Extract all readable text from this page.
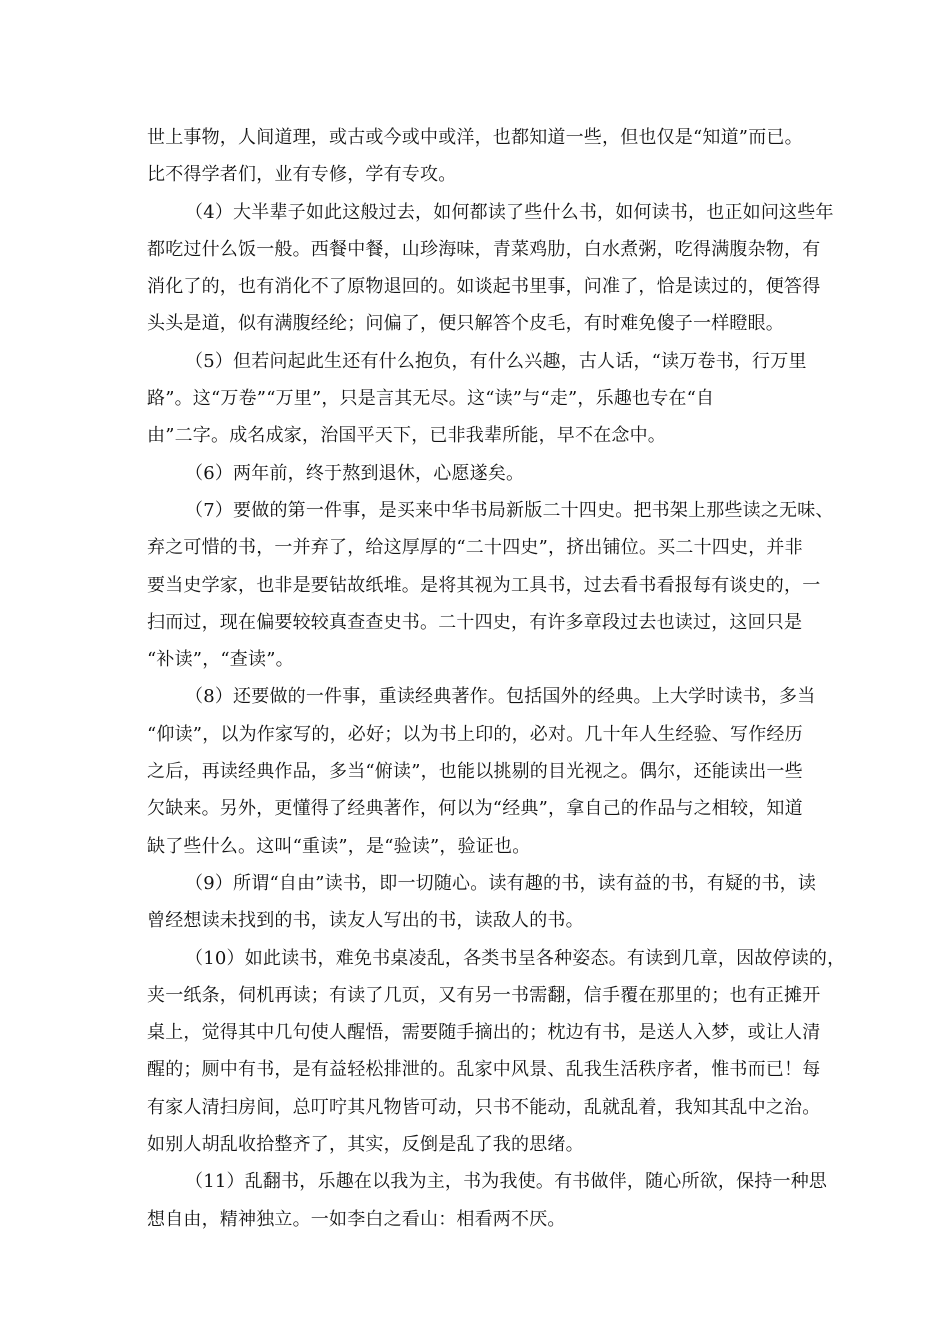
世上事物，人间道理，或古或今或中或洋，也都知道一些，但也仅是“知道”而已。
比不得学者们，业有专修，学有专攻。
（4）大半辈子如此这般过去，如何都读了些什么书，如何读书，也正如问这些年
都吃过什么饭一般。西餐中餐，山珍海味，青菜鸡肋，白水煮粥，吃得满腹杂物，有
消化了的，也有消化不了原物退回的。如谈起书里事，问准了，恰是读过的，便答得
头头是道，似有满腹经纶；问偏了，便只解答个皮毛，有时难免傻子一样瞪眼。
（5）但若问起此生还有什么抱负，有什么兴趣，古人话，“读万卷书，行万里
路”。这“万卷”“万里”，只是言其无尽。这“读”与“走”，乐趣也专在“自
由”二字。成名成家，治国平天下，已非我辈所能，早不在念中。
（6）两年前，终于熬到退休，心愿遂矣。
（7）要做的第一件事，是买来中华书局新版二十四史。把书架上那些读之无味、
弃之可惜的书，一并弃了，给这厚厚的“二十四史”，挤出铺位。买二十四史，并非
要当史学家，也非是要钻故纸堆。是将其视为工具书，过去看书看报每有谈史的，一
扫而过，现在偏要较较真查查史书。二十四史，有许多章段过去也读过，这回只是
“补读”，“查读”。
（8）还要做的一件事，重读经典著作。包括国外的经典。上大学时读书，多当
“仰读”，以为作家写的，必好；以为书上印的，必对。几十年人生经验、写作经历
之后，再读经典作品，多当“俯读”，也能以挑剔的目光视之。偶尔，还能读出一些
欠缺来。另外，更懂得了经典著作，何以为“经典”，拿自己的作品与之相较，知道
缺了些什么。这叫“重读”，是“验读”，验证也。
（9）所谓“自由”读书，即一切随心。读有趣的书，读有益的书，有疑的书，读
曾经想读未找到的书，读友人写出的书，读敌人的书。
（10）如此读书，难免书桌凌乱，各类书呈各种姿态。有读到几章，因故停读的，
夹一纸条，伺机再读；有读了几页，又有另一书需翻，信手覆在那里的；也有正摊开
桌上，觉得其中几句使人醒悟，需要随手摘出的；枕边有书，是送人入梦，或让人清
醒的；厕中有书，是有益轻松排泄的。乱家中风景、乱我生活秩序者，惟书而已！每
有家人清扫房间，总叮咛其凡物皆可动，只书不能动，乱就乱着，我知其乱中之治。
如别人胡乱收拾整齐了，其实，反倒是乱了我的思绪。
（11）乱翻书，乐趣在以我为主，书为我使。有书做伴，随心所欲，保持一种思
想自由，精神独立。一如李白之看山：相看两不厌。
